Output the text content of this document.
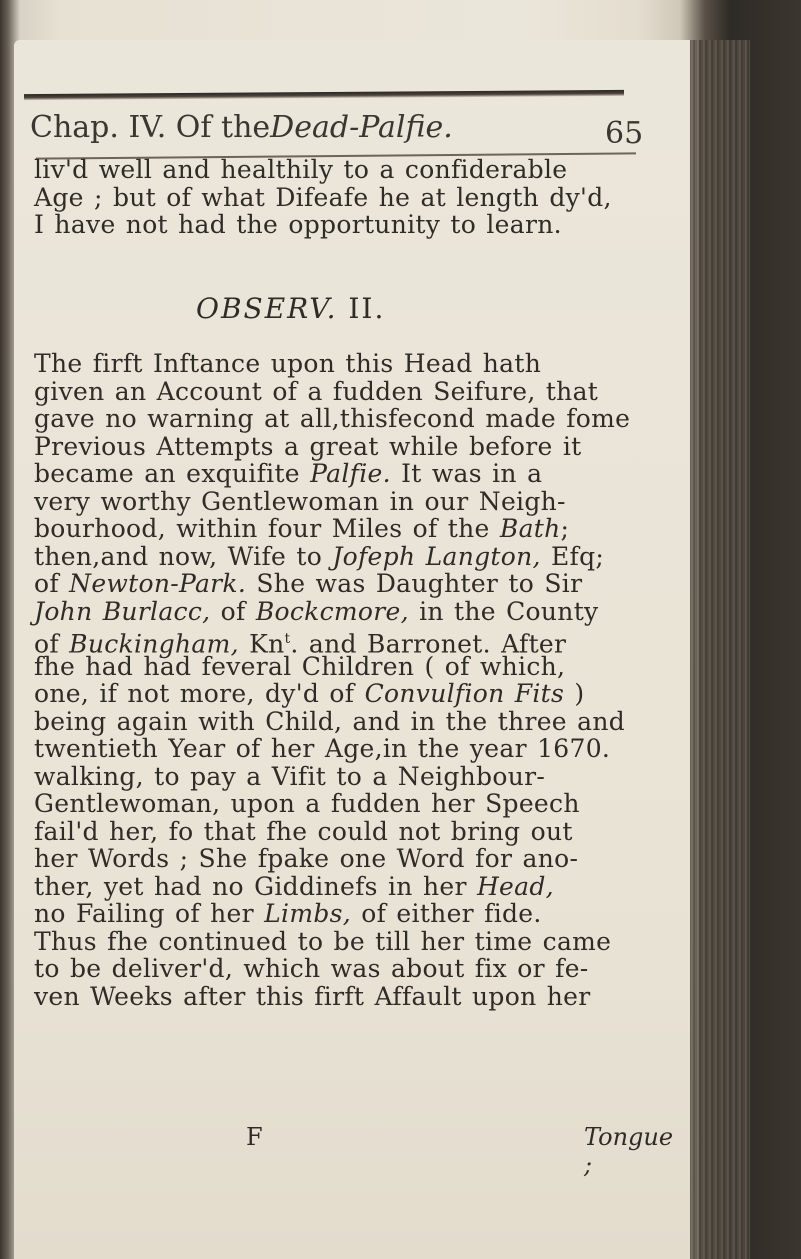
Chap. IV. Of theDead-Palfie.	65
liv'd well and healthily to a confiderable
Age ; but of what Difeafe he at length dy'd,
I have not had the opportunity to learn.
OBSERV. II.
The firft Inftance upon this Head hath
given an Account of a fudden Seifure, that
gave no warning at all,thisfecond made fome
Previous Attempts a great while before it
became an exquifite Palfie. It was in a
very worthy Gentlewoman in our Neigh-
bourhood, within four Miles of the Bath;
then,and now, Wife to Jofeph Langton, Efq;
of Newton-Park. She was Daughter to Sir
John Burlacc, of Bockcmore, in the County
of Buckingham, Kn$^t$. and Barronet. After
fhe had had feveral Children ( of which,
one, if not more, dy'd of Convulfion Fits )
being again with Child, and in the three and
twentieth Year of her Age,in the year 1670.
walking, to pay a Vifit to a Neighbour-
Gentlewoman, upon a fudden her Speech
fail'd her, fo that fhe could not bring out
her Words ; She fpake one Word for ano-
ther, yet had no Giddinefs in her Head,
no Failing of her Limbs, of either fide.
Thus fhe continued to be till her time came
to be deliver'd, which was about fix or fe-
ven Weeks after this firft Affault upon her
F	Tongue ;
